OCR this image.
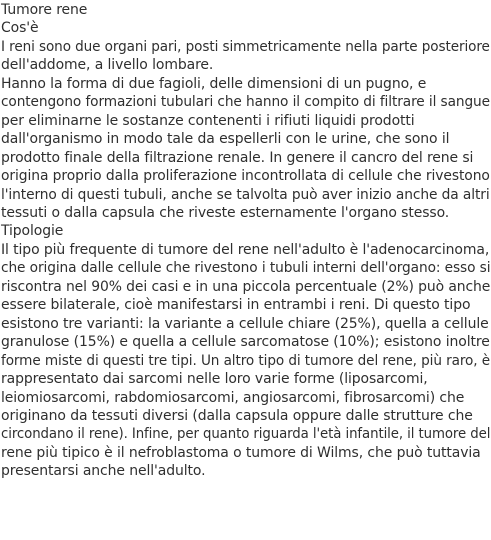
Tumore rene
Cos'è
I reni sono due organi pari, posti simmetricamente nella parte posteriore
dell'addome, a livello lombare.
Hanno la forma di due fagioli, delle dimensioni di un pugno, e
contengono formazioni tubulari che hanno il compito di filtrare il sangue
per eliminarne le sostanze contenenti i rifiuti liquidi prodotti
dall'organismo in modo tale da espellerli con le urine, che sono il
prodotto finale della filtrazione renale. In genere il cancro del rene si
origina proprio dalla proliferazione incontrollata di cellule che rivestono
l'interno di questi tubuli, anche se talvolta può aver inizio anche da altri
tessuti o dalla capsula che riveste esternamente l'organo stesso.
Tipologie
Il tipo più frequente di tumore del rene nell'adulto è l'adenocarcinoma,
che origina dalle cellule che rivestono i tubuli interni dell'organo: esso si
riscontra nel 90% dei casi e in una piccola percentuale (2%) può anche
essere bilaterale, cioè manifestarsi in entrambi i reni. Di questo tipo
esistono tre varianti: la variante a cellule chiare (25%), quella a cellule
granulose (15%) e quella a cellule sarcomatose (10%); esistono inoltre
forme miste di questi tre tipi. Un altro tipo di tumore del rene, più raro, è
rappresentato dai sarcomi nelle loro varie forme (liposarcomi,
leiomiosarcomi, rabdomiosarcomi, angiosarcomi, fibrosarcomi) che
originano da tessuti diversi (dalla capsula oppure dalle strutture che
circondano il rene). Infine, per quanto riguarda l'età infantile, il tumore del
rene più tipico è il nefroblastoma o tumore di Wilms, che può tuttavia
presentarsi anche nell'adulto.
